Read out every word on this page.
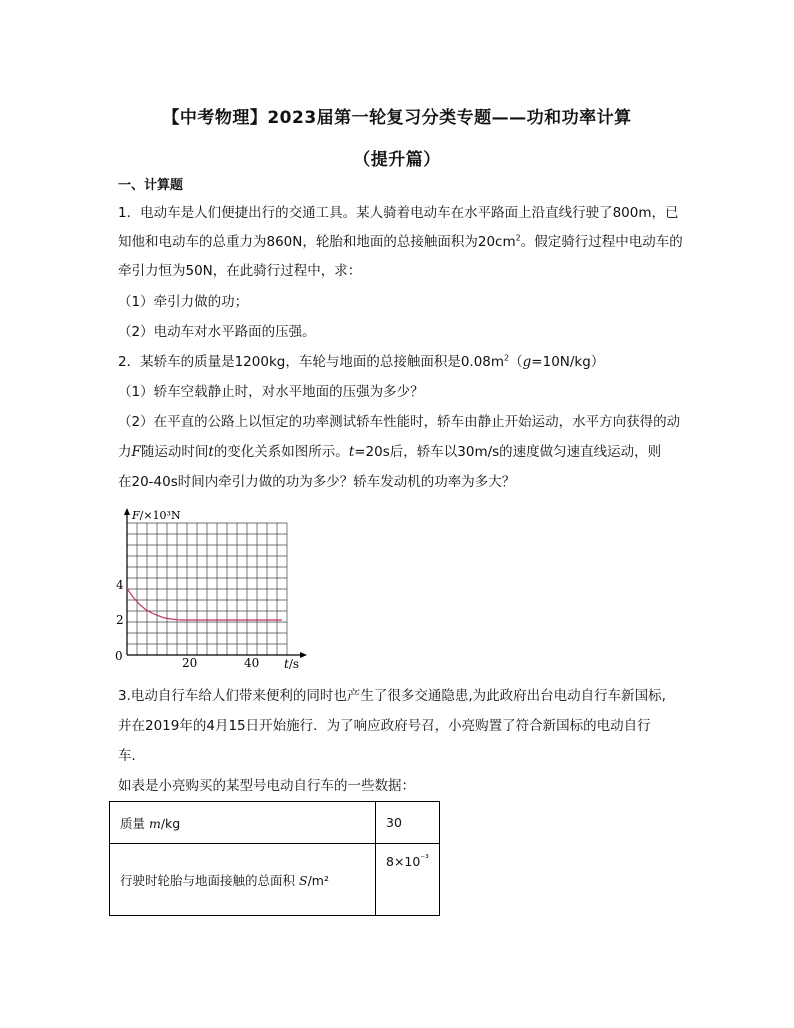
【中考物理】2023届第一轮复习分类专题——功和功率计算
（提升篇）
一、计算题
1．电动车是人们便捷出行的交通工具。某人骑着电动车在水平路面上沿直线行驶了800m，已
知他和电动车的总重力为860N，轮胎和地面的总接触面积为$20cm^2$。假定骑行过程中电动车的
牵引力恒为50N，在此骑行过程中，求：
（1）牵引力做的功；
（2）电动车对水平路面的压强。
2．某轿车的质量是1200kg，车轮与地面的总接触面积是$0.08m^2(g=10N/kg)$
（1）轿车空载静止时，对水平地面的压强为多少？
（2）在平直的公路上以恒定的功率测试轿车性能时，轿车由静止开始运动，水平方向获得的动
力F随运动时间t的变化关系如图所示。t=20s后，轿车以30m/s的速度做匀速直线运动，则
在20-40s时间内牵引力做的功为多少？轿车发动机的功率为多大？
F/×10³N
t/s
0	20	40
2
4
3.电动自行车给人们带来便利的同时也产生了很多交通隐患,为此政府出台电动自行车新国标,
并在2019年的4月15日开始施行．为了响应政府号召，小亮购置了符合新国标的电动自行
车．
如表是小亮购买的某型号电动自行车的一些数据：
质量 m/kg	30
行驶时轮胎与地面接触的总面积 S/m²	$8\times 10^{^{-3}}$
